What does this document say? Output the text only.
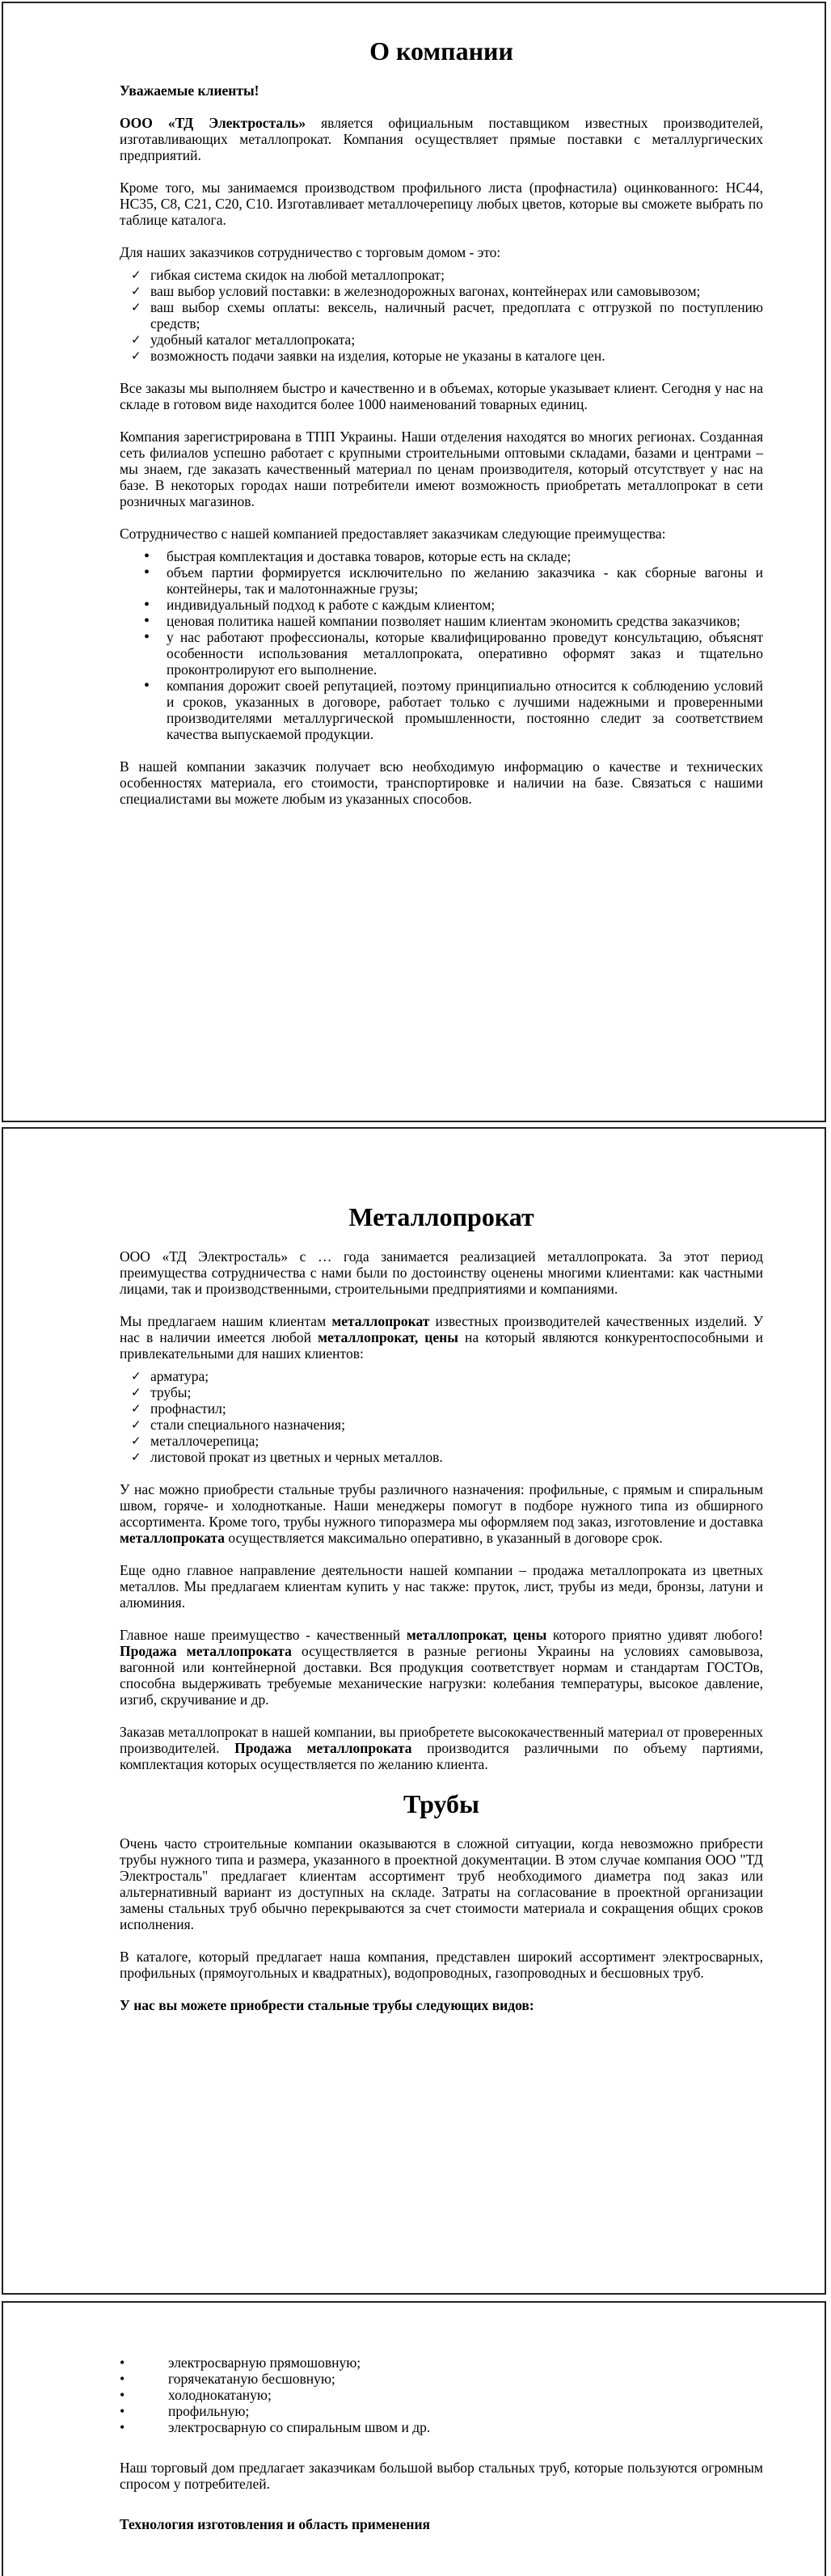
О компании
Уважаемые клиенты!

ООО «ТД Электросталь» является официальным поставщиком известных производителей, изготавливающих металлопрокат. Компания осуществляет прямые поставки с металлургических предприятий.

Кроме того, мы занимаемся производством профильного листа (профнастила) оцинкованного: НС44, НС35, С8, С21, С20, С10. Изготавливает металлочерепицу любых цветов, которые вы сможете выбрать по таблице каталога.

Для наших заказчиков сотрудничество с торговым домом - это:

✓ гибкая система скидок на любой металлопрокат;
✓ ваш выбор условий поставки: в железнодорожных вагонах, контейнерах или самовывозом;
✓ ваш выбор схемы оплаты: вексель, наличный расчет, предоплата с отгрузкой по поступлению средств;
✓ удобный каталог металлопроката;
✓ возможность подачи заявки на изделия, которые не указаны в каталоге цен.

Все заказы мы выполняем быстро и качественно и в объемах, которые указывает клиент. Сегодня у нас на складе в готовом виде находится более 1000 наименований товарных единиц.

Компания зарегистрирована в ТПП Украины. Наши отделения находятся во многих регионах. Созданная сеть филиалов успешно работает с крупными строительными оптовыми складами, базами и центрами – мы знаем, где заказать качественный материал по ценам производителя, который отсутствует у нас на базе. В некоторых городах наши потребители имеют возможность приобретать металлопрокат в сети розничных магазинов.

Сотрудничество с нашей компанией предоставляет заказчикам следующие преимущества:

• быстрая комплектация и доставка товаров, которые есть на складе;
• объем партии формируется исключительно по желанию заказчика - как сборные вагоны и контейнеры, так и малотоннажные грузы;
• индивидуальный подход к работе с каждым клиентом;
• ценовая политика нашей компании позволяет нашим клиентам экономить средства заказчиков;
• у нас работают профессионалы, которые квалифицированно проведут консультацию, объяснят особенности использования металлопроката, оперативно оформят заказ и тщательно проконтролируют его выполнение.
• компания дорожит своей репутацией, поэтому принципиально относится к соблюдению условий и сроков, указанных в договоре, работает только с лучшими надежными и проверенными производителями металлургической промышленности, постоянно следит за соответствием качества выпускаемой продукции.

В нашей компании заказчик получает всю необходимую информацию о качестве и технических особенностях материала, его стоимости, транспортировке и наличии на базе. Связаться с нашими специалистами вы можете любым из указанных способов.

Металлопрокат

ООО «ТД Электросталь» с … года занимается реализацией металлопроката. За этот период преимущества сотрудничества с нами были по достоинству оценены многими клиентами: как частными лицами, так и производственными, строительными предприятиями и компаниями.

Мы предлагаем нашим клиентам металлопрокат известных производителей качественных изделий. У нас в наличии имеется любой металлопрокат, цены на который являются конкурентоспособными и привлекательными для наших клиентов:

✓ арматура;
✓ трубы;
✓ профнастил;
✓ стали специального назначения;
✓ металлочерепица;
✓ листовой прокат из цветных и черных металлов.

У нас можно приобрести стальные трубы различного назначения: профильные, с прямым и спиральным швом, горяче- и холоднотканые. Наши менеджеры помогут в подборе нужного типа из обширного ассортимента. Кроме того, трубы нужного типоразмера мы оформляем под заказ, изготовление и доставка металлопроката осуществляется максимально оперативно, в указанный в договоре срок.

Еще одно главное направление деятельности нашей компании – продажа металлопроката из цветных металлов. Мы предлагаем клиентам купить у нас также: пруток, лист, трубы из меди, бронзы, латуни и алюминия.

Главное наше преимущество - качественный металлопрокат, цены которого приятно удивят любого! Продажа металлопроката осуществляется в разные регионы Украины на условиях самовывоза, вагонной или контейнерной доставки. Вся продукция соответствует нормам и стандартам ГОСТОв, способна выдерживать требуемые механические нагрузки: колебания температуры, высокое давление, изгиб, скручивание и др.

Заказав металлопрокат в нашей компании, вы приобретете высококачественный материал от проверенных производителей. Продажа металлопроката производится различными по объему партиями, комплектация которых осуществляется по желанию клиента.

Трубы

Очень часто строительные компании оказываются в сложной ситуации, когда невозможно прибрести трубы нужного типа и размера, указанного в проектной документации. В этом случае компания ООО "ТД Электросталь" предлагает клиентам ассортимент труб необходимого диаметра под заказ или альтернативный вариант из доступных на складе. Затраты на согласование в проектной организации замены стальных труб обычно перекрываются за счет стоимости материала и сокращения общих сроков исполнения.

В каталоге, который предлагает наша компания, представлен широкий ассортимент электросварных, профильных (прямоугольных и квадратных), водопроводных, газопроводных и бесшовных труб.

У нас вы можете приобрести стальные трубы следующих видов:

• электросварную прямошовную;
• горячекатаную бесшовную;
• холоднокатаную;
• профильную;
• электросварную со спиральным швом и др.

Наш торговый дом предлагает заказчикам большой выбор стальных труб, которые пользуются огромным спросом у потребителей.

Технология изготовления и область применения
